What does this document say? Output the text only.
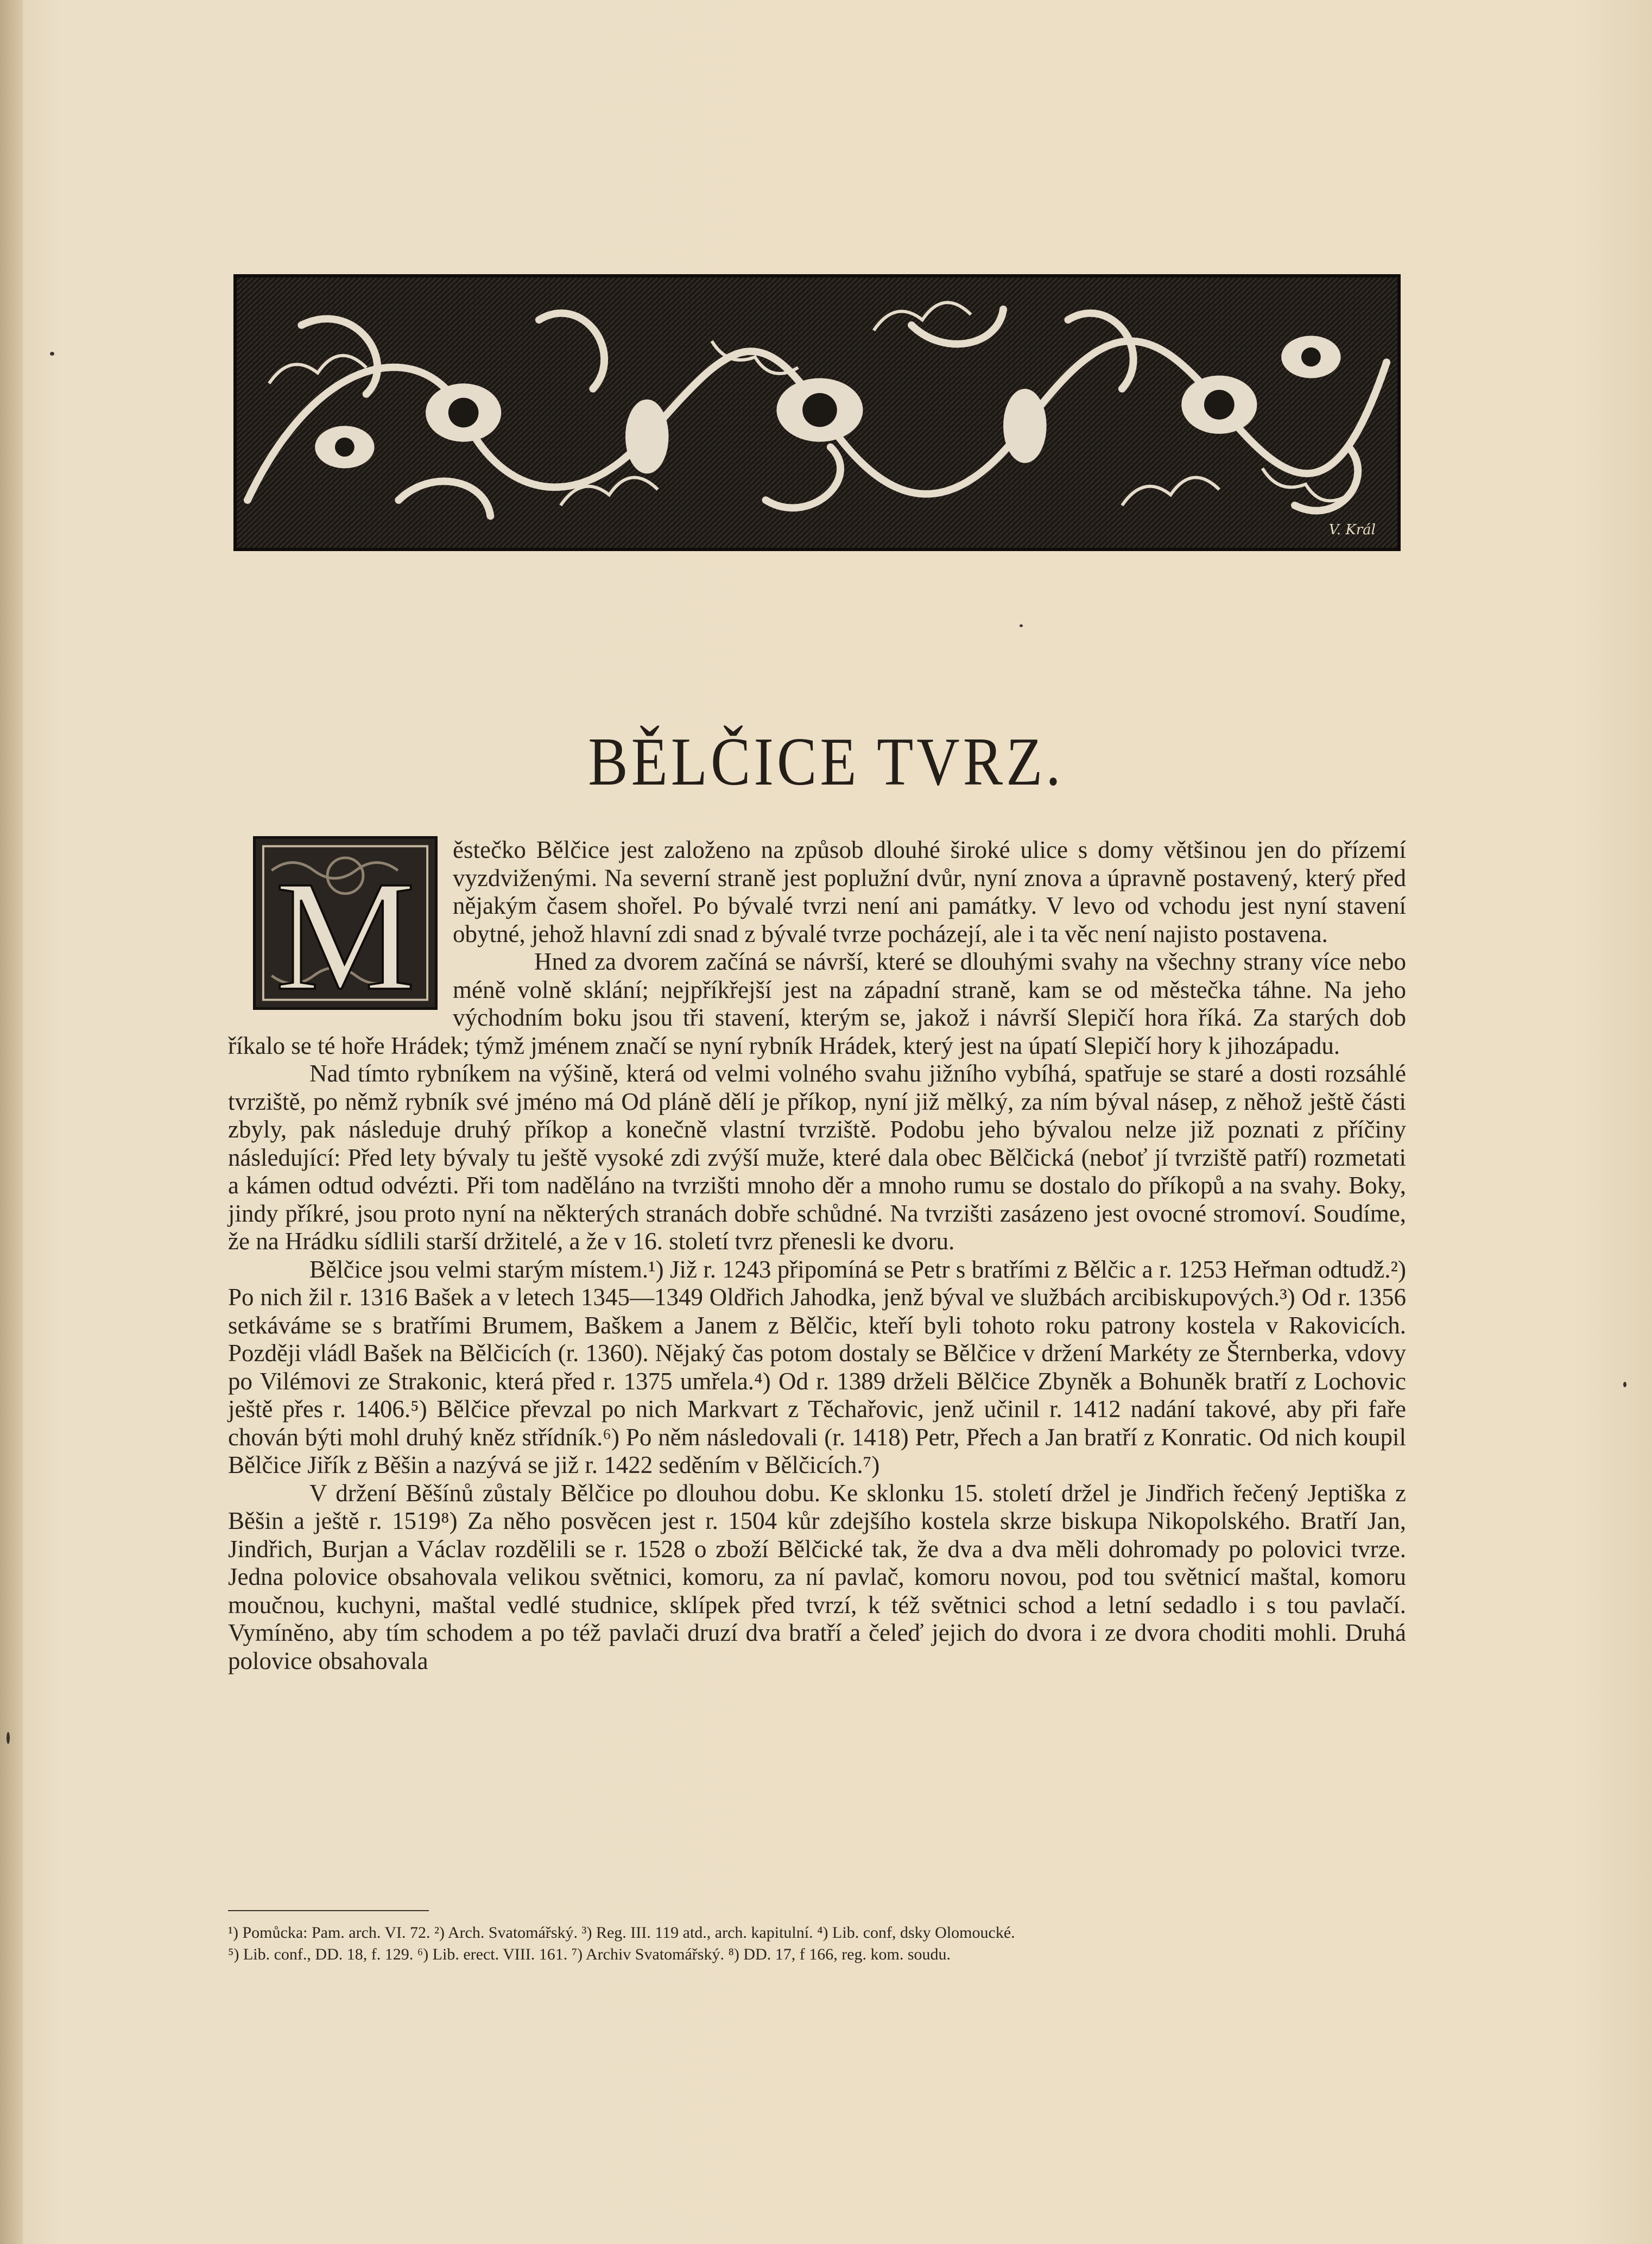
V. Král
BĚLČICE TVRZ.
M	ěstečko Bělčice jest založeno na způsob dlouhé široké ulice s domy většinou jen do přízemí vyzdviženými. Na severní straně jest poplužní dvůr, nyní znova a úpravně postavený, který před nějakým časem shořel. Po bývalé tvrzi není ani památky. V levo od vchodu jest nyní stavení obytné, jehož hlavní zdi snad z bývalé tvrze pocházejí, ale i ta věc není najisto postavena.

Hned za dvorem začíná se návrší, které se dlouhými svahy na všechny strany více nebo méně volně sklání; nejpříkřejší jest na západní straně, kam se od městečka táhne. Na jeho východním boku jsou tři stavení, kterým se, jakož i návrší Slepičí hora říká. Za starých dob říkalo se té hoře Hrádek; týmž jménem značí se nyní rybník Hrádek, který jest na úpatí Slepičí hory k jihozápadu.

Nad tímto rybníkem na výšině, která od velmi volného svahu jižního vybíhá, spatřuje se staré a dosti rozsáhlé tvrziště, po němž rybník své jméno má Od pláně dělí je příkop, nyní již mělký, za ním býval násep, z něhož ještě části zbyly, pak následuje druhý příkop a konečně vlastní tvrziště. Podobu jeho bývalou nelze již poznati z příčiny následující: Před lety bývaly tu ještě vysoké zdi zvýší muže, které dala obec Bělčická (neboť jí tvrziště patří) rozmetati a kámen odtud odvézti. Při tom naděláno na tvrzišti mnoho děr a mnoho rumu se dostalo do příkopů a na svahy. Boky, jindy příkré, jsou proto nyní na některých stranách dobře schůdné. Na tvrzišti zasázeno jest ovocné stromoví. Soudíme, že na Hrádku sídlili starší držitelé, a že v 16. století tvrz přenesli ke dvoru.

Bělčice jsou velmi starým místem.¹) Již r. 1243 připomíná se Petr s bratřími z Bělčic a r. 1253 Heřman odtudž.²) Po nich žil r. 1316 Bašek a v letech 1345—1349 Oldřich Jahodka, jenž býval ve službách arcibiskupových.³) Od r. 1356 setkáváme se s bratřími Brumem, Baškem a Janem z Bělčic, kteří byli tohoto roku patrony kostela v Rakovicích. Později vládl Bašek na Bělčicích (r. 1360). Nějaký čas potom dostaly se Bělčice v držení Markéty ze Šternberka, vdovy po Vilémovi ze Strakonic, která před r. 1375 umřela.⁴) Od r. 1389 drželi Bělčice Zbyněk a Bohuněk bratří z Lochovic ještě přes r. 1406.⁵) Bělčice převzal po nich Markvart z Těchařovic, jenž učinil r. 1412 nadání takové, aby při faře chován býti mohl druhý kněz střídník.⁶) Po něm následovali (r. 1418) Petr, Přech a Jan bratří z Konratic. Od nich koupil Bělčice Jiřík z Běšin a nazývá se již r. 1422 seděním v Bělčicích.⁷)

V držení Běšínů zůstaly Bělčice po dlouhou dobu. Ke sklonku 15. století držel je Jindřich řečený Jeptiška z Běšin a ještě r. 1519⁸) Za něho posvěcen jest r. 1504 kůr zdejšího kostela skrze biskupa Nikopolského. Bratří Jan, Jindřich, Burjan a Václav rozdělili se r. 1528 o zboží Bělčické tak, že dva a dva měli dohromady po polovici tvrze. Jedna polovice obsahovala velikou světnici, komoru, za ní pavlač, komoru novou, pod tou světnicí maštal, komoru moučnou, kuchyni, maštal vedlé studnice, sklípek před tvrzí, k též světnici schod a letní sedadlo i s tou pavlačí. Vymíněno, aby tím schodem a po též pavlači druzí dva bratří a čeleď jejich do dvora i ze dvora choditi mohli. Druhá polovice obsahovala

¹) Pomůcka: Pam. arch. VI. 72. ²) Arch. Svatomářský. ³) Reg. III. 119 atd., arch. kapitulní. ⁴) Lib. conf, dsky Olomoucké.
⁵) Lib. conf., DD. 18, f. 129. ⁶) Lib. erect. VIII. 161. ⁷) Archiv Svatomářský. ⁸) DD. 17, f 166, reg. kom. soudu.
